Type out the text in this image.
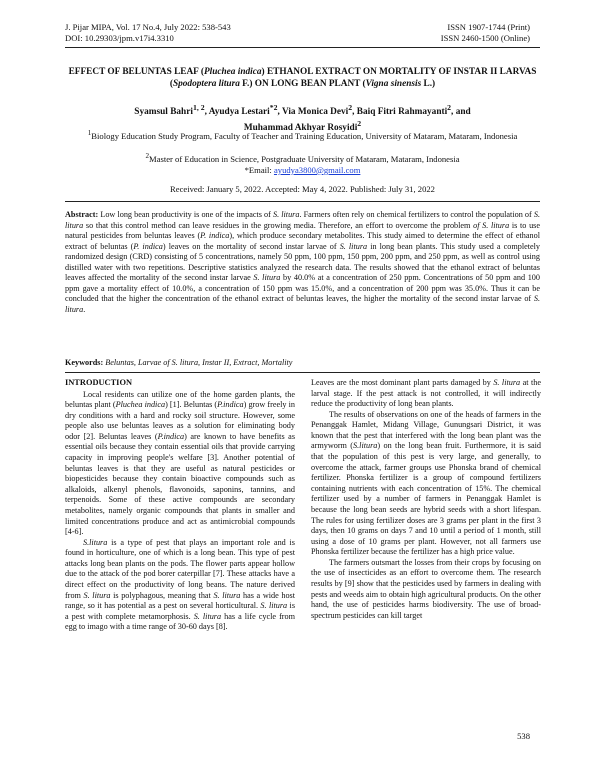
J. Pijar MIPA, Vol. 17 No.4, July 2022: 538-543
DOI: 10.29303/jpm.v17i4.3310
ISSN 1907-1744 (Print)
ISSN 2460-1500 (Online)
EFFECT OF BELUNTAS LEAF (Pluchea indica) ETHANOL EXTRACT ON MORTALITY OF INSTAR II LARVAS (Spodoptera litura F.) ON LONG BEAN PLANT (Vigna sinensis L.)
Syamsul Bahri$^{1, 2}$, Ayudya Lestari$^{*2}$, Via Monica Devi$^2$, Baiq Fitri Rahmayanti$^2$, and
Muhammad Akhyar Rosyidi$^2$
$^1$Biology Education Study Program, Faculty of Teacher and Training Education, University of Mataram, Mataram, Indonesia
$^2$Master of Education in Science, Postgraduate University of Mataram, Mataram, Indonesia
*Email: ayudya3800@gmail.com
Received: January 5, 2022. Accepted: May 4, 2022. Published: July 31, 2022
Abstract: Low long bean productivity is one of the impacts of S. litura. Farmers often rely on chemical fertilizers to control the population of S. litura so that this control method can leave residues in the growing media. Therefore, an effort to overcome the problem of S. litura is to use natural pesticides from beluntas leaves (P. indica), which produce secondary metabolites. This study aimed to determine the effect of ethanol extract of beluntas (P. indica) leaves on the mortality of second instar larvae of S. litura in long bean plants. This study used a completely randomized design (CRD) consisting of 5 concentrations, namely 50 ppm, 100 ppm, 150 ppm, 200 ppm, and 250 ppm, as well as control using distilled water with two repetitions. Descriptive statistics analyzed the research data. The results showed that the ethanol extract of beluntas leaves affected the mortality of the second instar larvae S. litura by 40.0% at a concentration of 250 ppm. Concentrations of 50 ppm and 100 ppm gave a mortality effect of 10.0%, a concentration of 150 ppm was 15.0%, and a concentration of 200 ppm was 35.0%. Thus it can be concluded that the higher the concentration of the ethanol extract of beluntas leaves, the higher the mortality of the second instar larvae of S. litura.
Keywords: Beluntas, Larvae of S. litura, Instar II, Extract, Mortality
INTRODUCTION

Local residents can utilize one of the home garden plants, the beluntas plant (Pluchea indica) [1]. Beluntas (P.indica) grow freely in dry conditions with a hard and rocky soil structure. However, some people also use beluntas leaves as a solution for eliminating body odor [2]. Beluntas leaves (P.indica) are known to have benefits as essential oils because they contain essential oils that provide carrying capacity in improving people's welfare [3]. Another potential of beluntas leaves is that they are useful as natural pesticides or biopesticides because they contain bioactive compounds such as alkaloids, alkenyl phenols, flavonoids, saponins, tannins, and terpenoids. Some of these active compounds are secondary metabolites, namely organic compounds that plants in smaller and limited concentrations produce and act as antimicrobial compounds [4-6].

S.litura is a type of pest that plays an important role and is found in horticulture, one of which is a long bean. This type of pest attacks long bean plants on the pods. The flower parts appear hollow due to the attack of the pod borer caterpillar [7]. These attacks have a direct effect on the productivity of long beans. The nature derived from S. litura is polyphagous, meaning that S. litura has a wide host range, so it has potential as a pest on several horticultural. S. litura is a pest with complete metamorphosis. S. litura has a life cycle from egg to imago with a time range of 30-60 days [8].

Leaves are the most dominant plant parts damaged by S. litura at the larval stage. If the pest attack is not controlled, it will indirectly reduce the productivity of long bean plants.

The results of observations on one of the heads of farmers in the Penanggak Hamlet, Midang Village, Gunungsari District, it was known that the pest that interfered with the long bean plant was the armyworm (S.litura) on the long bean fruit. Furthermore, it is said that the population of this pest is very large, and generally, to overcome the attack, farmer groups use Phonska brand of chemical fertilizer. Phonska fertilizer is a group of compound fertilizers containing nutrients with each concentration of 15%. The chemical fertilizer used by a number of farmers in Penanggak Hamlet is because the long bean seeds are hybrid seeds with a short lifespan. The rules for using fertilizer doses are 3 grams per plant in the first 3 days, then 10 grams on days 7 and 10 until a period of 1 month, still using a dose of 10 grams per plant. However, not all farmers use Phonska fertilizer because the fertilizer has a high price value.

The farmers outsmart the losses from their crops by focusing on the use of insecticides as an effort to overcome them. The research results by [9] show that the pesticides used by farmers in dealing with pests and weeds aim to obtain high agricultural products. On the other hand, the use of pesticides harms biodiversity. The use of broad-spectrum pesticides can kill target

538
